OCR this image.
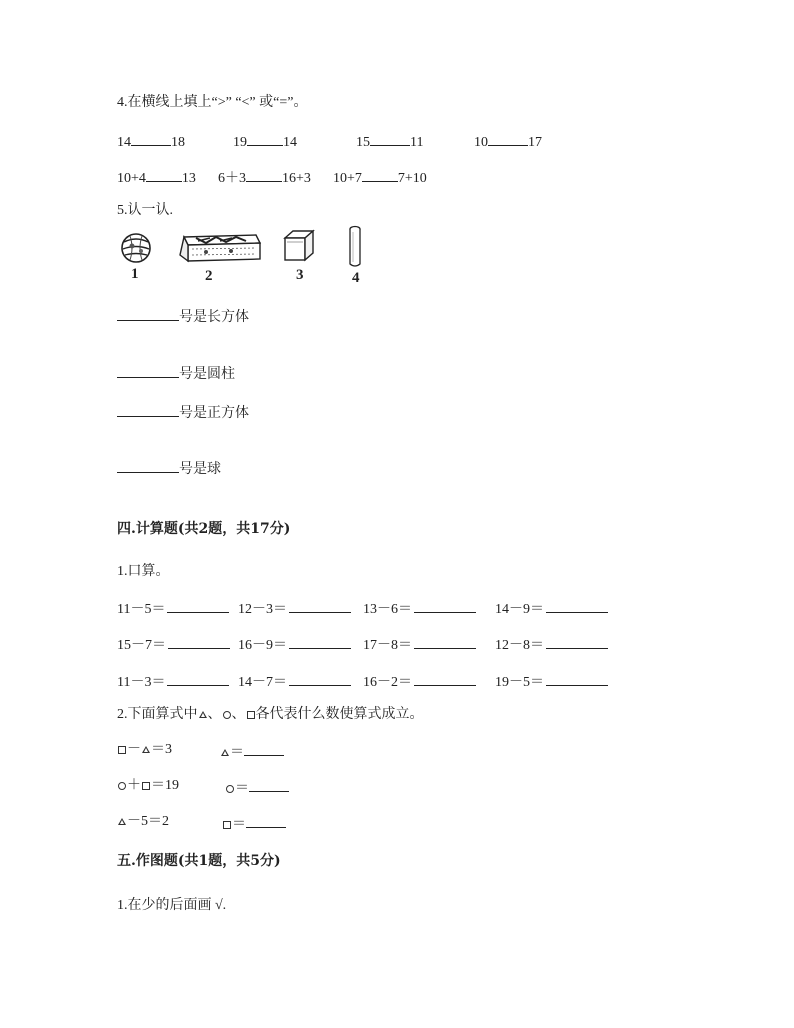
4.在横线上填上“>” “<” 或“=”。
14	18	19	14	15	11	10	17
10+4	13 6＋3	16+3 10+7	7+10
5.认一认.
1	2	3	4
号是长方体
号是圆柱
号是正方体
号是球
四.计算题(共2题，共17分)
1.口算。
11－5＝	12－3＝	13－6＝	14－9＝
15－7＝	16－9＝	17－8＝	12－8＝
11－3＝	14－7＝	16－2＝	19－5＝
2.下面算式中 、 、 各代表什么数使算式成立。
－ ＝3	＝
＋ ＝19	＝
－5＝2	＝
五.作图题(共1题，共5分)
1.在少的后面画 √.
